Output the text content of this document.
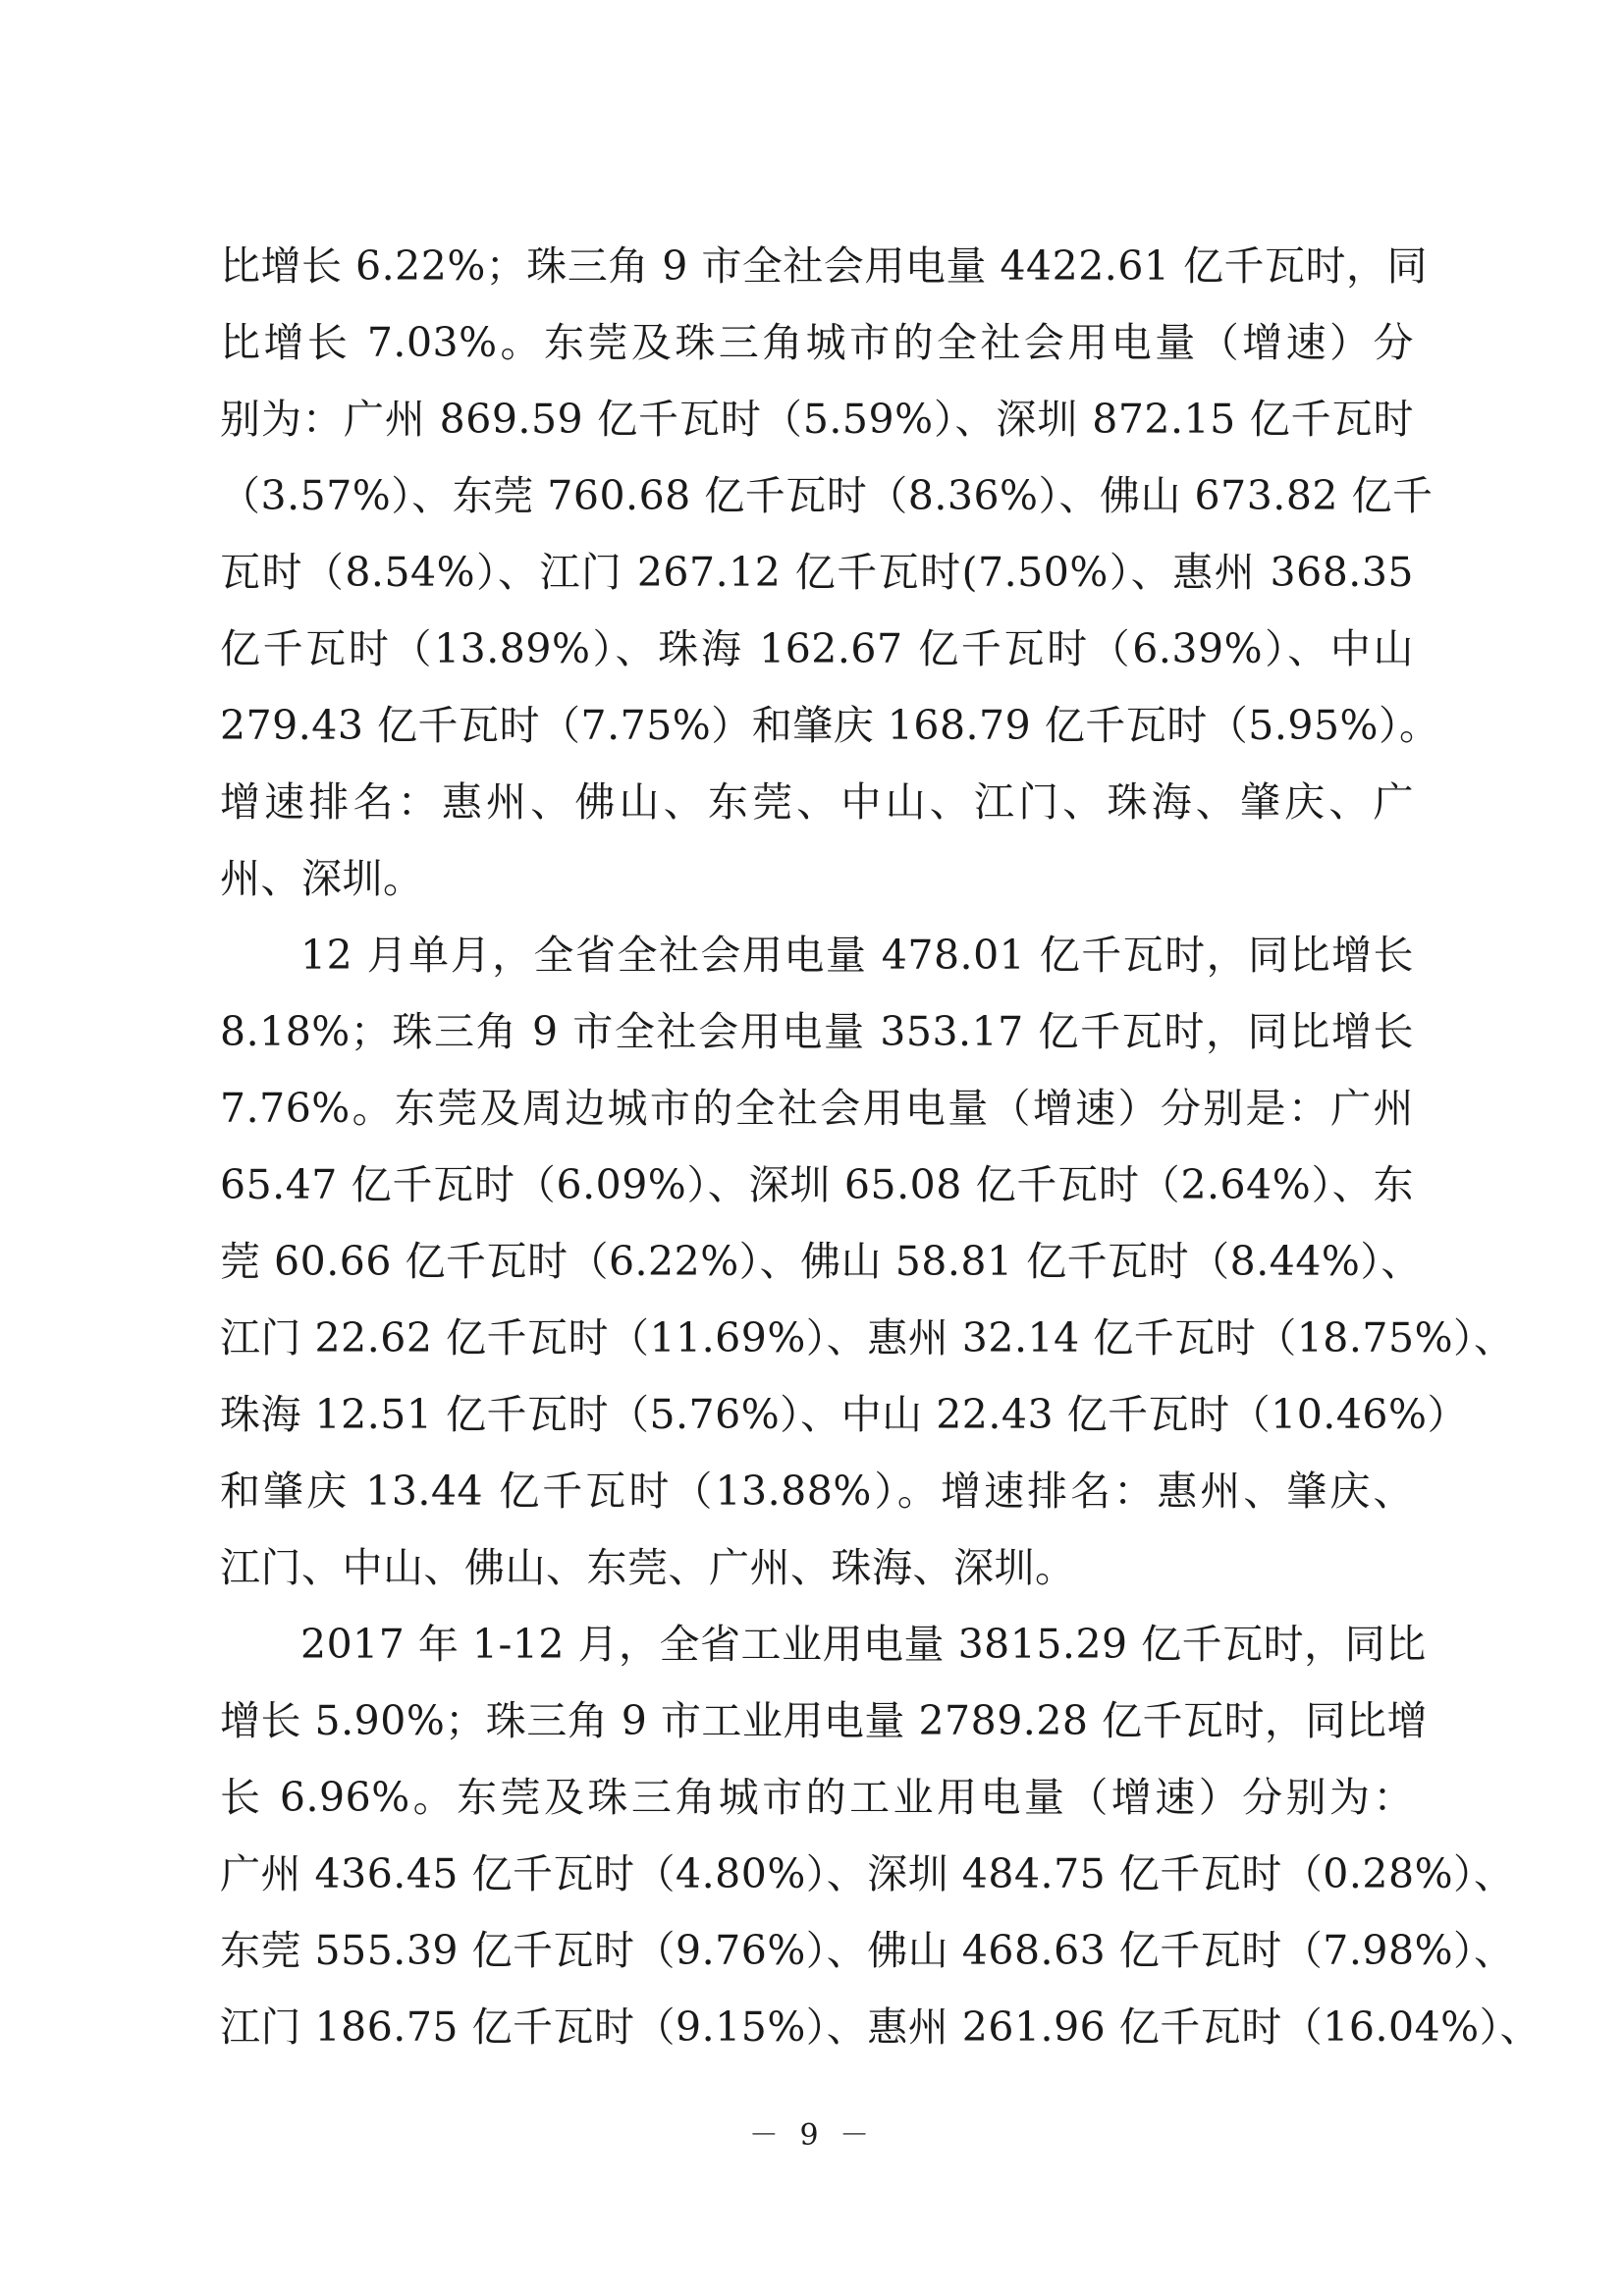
比增长 6.22%；珠三角 9 市全社会用电量 4422.61 亿千瓦时，同
比增长 7.03%。东莞及珠三角城市的全社会用电量（增速）分
别为：广州 869.59 亿千瓦时（5.59%）、深圳 872.15 亿千瓦时
（3.57%）、东莞 760.68 亿千瓦时（8.36%）、佛山 673.82 亿千
瓦时（8.54%）、江门 267.12 亿千瓦时(7.50%）、惠州 368.35
亿千瓦时（13.89%）、珠海 162.67 亿千瓦时（6.39%）、中山
279.43 亿千瓦时（7.75%）和肇庆 168.79 亿千瓦时（5.95%）。
增速排名：惠州、佛山、东莞、中山、江门、珠海、肇庆、广
州、深圳。
12 月单月，全省全社会用电量 478.01 亿千瓦时，同比增长
8.18%；珠三角 9 市全社会用电量 353.17 亿千瓦时，同比增长
7.76%。东莞及周边城市的全社会用电量（增速）分别是：广州
65.47 亿千瓦时（6.09%）、深圳 65.08 亿千瓦时（2.64%）、东
莞 60.66 亿千瓦时（6.22%）、佛山 58.81 亿千瓦时（8.44%）、
江门 22.62 亿千瓦时（11.69%）、惠州 32.14 亿千瓦时（18.75%）、
珠海 12.51 亿千瓦时（5.76%）、中山 22.43 亿千瓦时（10.46%）
和肇庆 13.44 亿千瓦时（13.88%）。增速排名：惠州、肇庆、
江门、中山、佛山、东莞、广州、珠海、深圳。
2017 年 1-12 月，全省工业用电量 3815.29 亿千瓦时，同比
增长 5.90%；珠三角 9 市工业用电量 2789.28 亿千瓦时，同比增
长 6.96%。东莞及珠三角城市的工业用电量（增速）分别为：
广州 436.45 亿千瓦时（4.80%）、深圳 484.75 亿千瓦时（0.28%）、
东莞 555.39 亿千瓦时（9.76%）、佛山 468.63 亿千瓦时（7.98%）、
江门 186.75 亿千瓦时（9.15%）、惠州 261.96 亿千瓦时（16.04%）、
－ 9 －
